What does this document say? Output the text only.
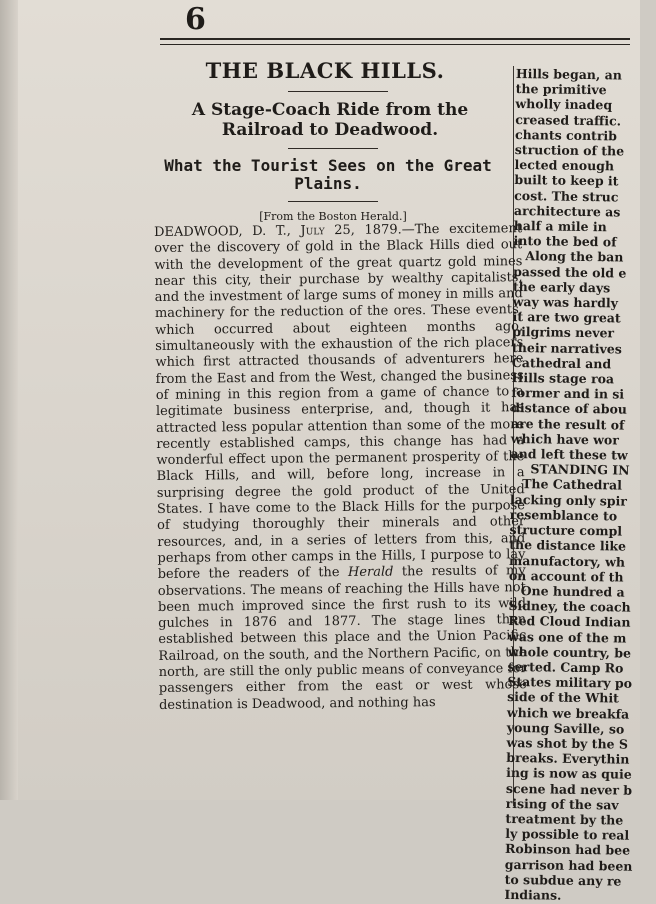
6
THE BLACK HILLS.
A Stage-Coach Ride from the Railroad to Deadwood.
What the Tourist Sees on the Great Plains.
[From the Boston Herald.]
DEADWOOD, D. T., July 25, 1879.—The excitement over the discovery of gold in the Black Hills died out with the development of the great quartz gold mines near this city, their purchase by wealthy capitalists, and the investment of large sums of money in mills and machinery for the reduction of the ores. These events, which occurred about eighteen months ago, simultaneously with the exhaustion of the rich placers which first attracted thousands of adventurers here from the East and from the West, changed the business of mining in this region from a game of chance to a legitimate business enterprise, and, though it has attracted less popular attention than some of the more recently established camps, this change has had a wonderful effect upon the permanent prosperity of the Black Hills, and will, before long, increase in a surprising degree the gold product of the United States. I have come to the Black Hills for the purpose of studying thoroughly their minerals and other resources, and, in a series of letters from this, and perhaps from other camps in the Hills, I purpose to lay before the readers of the Herald the results of my observations. The means of reaching the Hills have not been much improved since the first rush to its wild gulches in 1876 and 1877. The stage lines then established between this place and the Union Pacific Railroad, on the south, and the Northern Pacific, on the north, are still the only public means of conveyance for passengers either from the east or west whose destination is Deadwood, and nothing has
Hills began, an
the primitive
wholly inadeq
creased traffic.
chants contrib
struction of the
lected enough
built to keep it
cost. The struc
architecture as
half a mile in
into the bed of
Along the ban
passed the old e
the early days
way was hardly
it are two great
pilgrims never
their narratives
Cathedral and
Hills stage roa
former and in si
distance of abou
are the result of
which have wor
and left these tw
STANDING IN
The Cathedral
lacking only spir
resemblance to
structure compl
the distance like
manufactory, wh
on account of th
One hundred a
Sidney, the coach
Red Cloud Indian
was one of the m
whole country, be
serted. Camp Ro
States military po
side of the Whit
which we breakfa
young Saville, so
was shot by the S
breaks. Everythin
ing is now as quie
scene had never b
rising of the sav
treatment by the
ly possible to real
Robinson had bee
garrison had been
to subdue any re
Indians.
